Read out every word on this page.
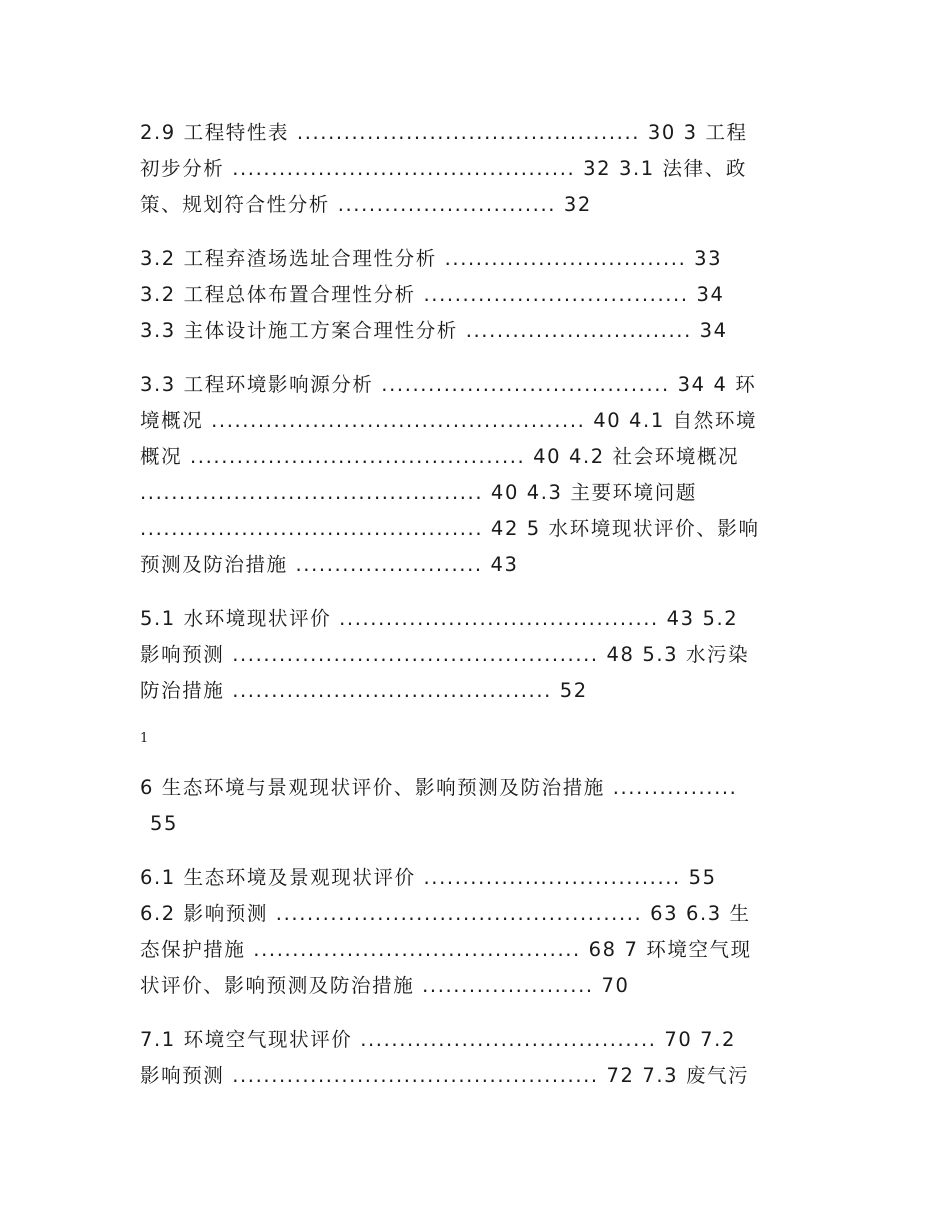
2.9 工程特性表 ............................................ 30 3 工程
初步分析 ............................................ 32 3.1 法律、政
策、规划符合性分析 ............................ 32
3.2 工程弃渣场选址合理性分析 ............................... 33
3.2 工程总体布置合理性分析 .................................. 34
3.3 主体设计施工方案合理性分析 ............................. 34
3.3 工程环境影响源分析 ..................................... 34 4 环
境概况 ................................................ 40 4.1 自然环境
概况 ........................................... 40 4.2 社会环境概况
............................................ 40 4.3 主要环境问题
............................................ 42 5 水环境现状评价、影响
预测及防治措施 ........................ 43
5.1 水环境现状评价 ......................................... 43 5.2
影响预测 ............................................... 48 5.3 水污染
防治措施 ......................................... 52
1
6 生态环境与景观现状评价、影响预测及防治措施 ................
55
6.1 生态环境及景观现状评价 ................................. 55
6.2 影响预测 ............................................... 63 6.3 生
态保护措施 .......................................... 68 7 环境空气现
状评价、影响预测及防治措施 ...................... 70
7.1 环境空气现状评价 ...................................... 70 7.2
影响预测 ............................................... 72 7.3 废气污
